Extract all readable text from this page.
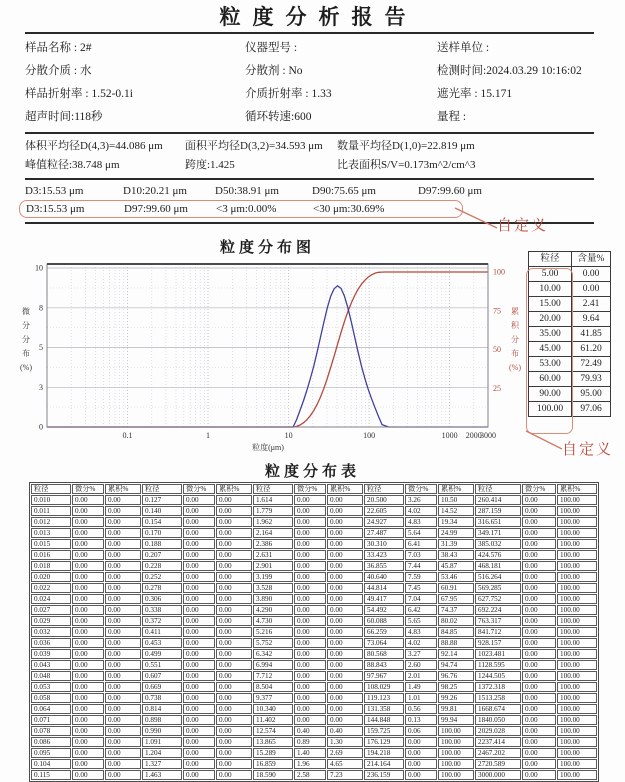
粒度分析报告
样品名称 : 2#	仪器型号 :	送样单位 :
分散介质 : 水	分散剂 : No	检测时间:2024.03.29 10:16:02
样品折射率 : 1.52-0.1i	介质折射率 : 1.33	遮光率 : 15.171
超声时间:118秒	循环转速:600	量程 :
体积平均径D(4,3)=44.086 μm	面积平均径D(3,2)=34.593 μm	数量平均径D(1,0)=22.819 μm
峰值粒径:38.748 μm	跨度:1.425	比表面积S/V=0.173m^2/cm^3
D3:15.53 μm	D10:20.21 μm	D50:38.91 μm	D90:75.65 μm	D97:99.60 μm
D3:15.53 μm	D97:99.60 μm	<3 μm:0.00%	<30 μm:30.69%
自定义
粒度分布图
10
8
5
3
0
100
75
50
25
0.1	1	10	100	1000 2000
3000
粒度(μm)
微
分
分
布
(%)
累
积
分
布
(%)
粒径	含量%
5.00	0.00
10.00	0.00
15.00	2.41
20.00	9.64
35.00	41.85
45.00	61.20
53.00	72.49
60.00	79.93
90.00	95.00
100.00	97.06
自定义
粒度分布表
粒径	微分%	累积%	粒径	微分%	累积%	粒径	微分%	累积%	粒径	微分%	累积%	粒径	微分%	累积%
0.010	0.00	0.00	0.127	0.00	0.00	1.614	0.00	0.00	20.500	3.26	10.50	260.414	0.00	100.00
0.011	0.00	0.00	0.140	0.00	0.00	1.779	0.00	0.00	22.605	4.02	14.52	287.159	0.00	100.00
0.012	0.00	0.00	0.154	0.00	0.00	1.962	0.00	0.00	24.927	4.83	19.34	316.651	0.00	100.00
0.013	0.00	0.00	0.170	0.00	0.00	2.164	0.00	0.00	27.487	5.64	24.99	349.171	0.00	100.00
0.015	0.00	0.00	0.188	0.00	0.00	2.386	0.00	0.00	30.310	6.41	31.39	385.032	0.00	100.00
0.016	0.00	0.00	0.207	0.00	0.00	2.631	0.00	0.00	33.423	7.03	38.43	424.576	0.00	100.00
0.018	0.00	0.00	0.228	0.00	0.00	2.901	0.00	0.00	36.855	7.44	45.87	468.181	0.00	100.00
0.020	0.00	0.00	0.252	0.00	0.00	3.199	0.00	0.00	40.640	7.59	53.46	516.264	0.00	100.00
0.022	0.00	0.00	0.278	0.00	0.00	3.528	0.00	0.00	44.814	7.45	60.91	569.285	0.00	100.00
0.024	0.00	0.00	0.306	0.00	0.00	3.890	0.00	0.00	49.417	7.04	67.95	627.752	0.00	100.00
0.027	0.00	0.00	0.338	0.00	0.00	4.290	0.00	0.00	54.492	6.42	74.37	692.224	0.00	100.00
0.029	0.00	0.00	0.372	0.00	0.00	4.730	0.00	0.00	60.088	5.65	80.02	763.317	0.00	100.00
0.032	0.00	0.00	0.411	0.00	0.00	5.216	0.00	0.00	66.259	4.83	84.85	841.712	0.00	100.00
0.036	0.00	0.00	0.453	0.00	0.00	5.752	0.00	0.00	73.064	4.02	88.88	928.157	0.00	100.00
0.039	0.00	0.00	0.499	0.00	0.00	6.342	0.00	0.00	80.568	3.27	92.14	1023.481	0.00	100.00
0.043	0.00	0.00	0.551	0.00	0.00	6.994	0.00	0.00	88.843	2.60	94.74	1128.595	0.00	100.00
0.048	0.00	0.00	0.607	0.00	0.00	7.712	0.00	0.00	97.967	2.01	96.76	1244.505	0.00	100.00
0.053	0.00	0.00	0.669	0.00	0.00	8.504	0.00	0.00	108.029	1.49	98.25	1372.318	0.00	100.00
0.058	0.00	0.00	0.738	0.00	0.00	9.377	0.00	0.00	119.123	1.01	99.26	1513.258	0.00	100.00
0.064	0.00	0.00	0.814	0.00	0.00	10.340	0.00	0.00	131.358	0.56	99.81	1668.674	0.00	100.00
0.071	0.00	0.00	0.898	0.00	0.00	11.402	0.00	0.00	144.848	0.13	99.94	1840.050	0.00	100.00
0.078	0.00	0.00	0.990	0.00	0.00	12.574	0.40	0.40	159.725	0.06	100.00	2029.028	0.00	100.00
0.086	0.00	0.00	1.091	0.00	0.00	13.865	0.89	1.30	176.129	0.00	100.00	2237.414	0.00	100.00
0.095	0.00	0.00	1.204	0.00	0.00	15.289	1.40	2.69	194.218	0.00	100.00	2467.202	0.00	100.00
0.104	0.00	0.00	1.327	0.00	0.00	16.859	1.96	4.65	214.164	0.00	100.00	2720.589	0.00	100.00
0.115	0.00	0.00	1.463	0.00	0.00	18.590	2.58	7.23	236.159	0.00	100.00	3000.000	0.00	100.00
